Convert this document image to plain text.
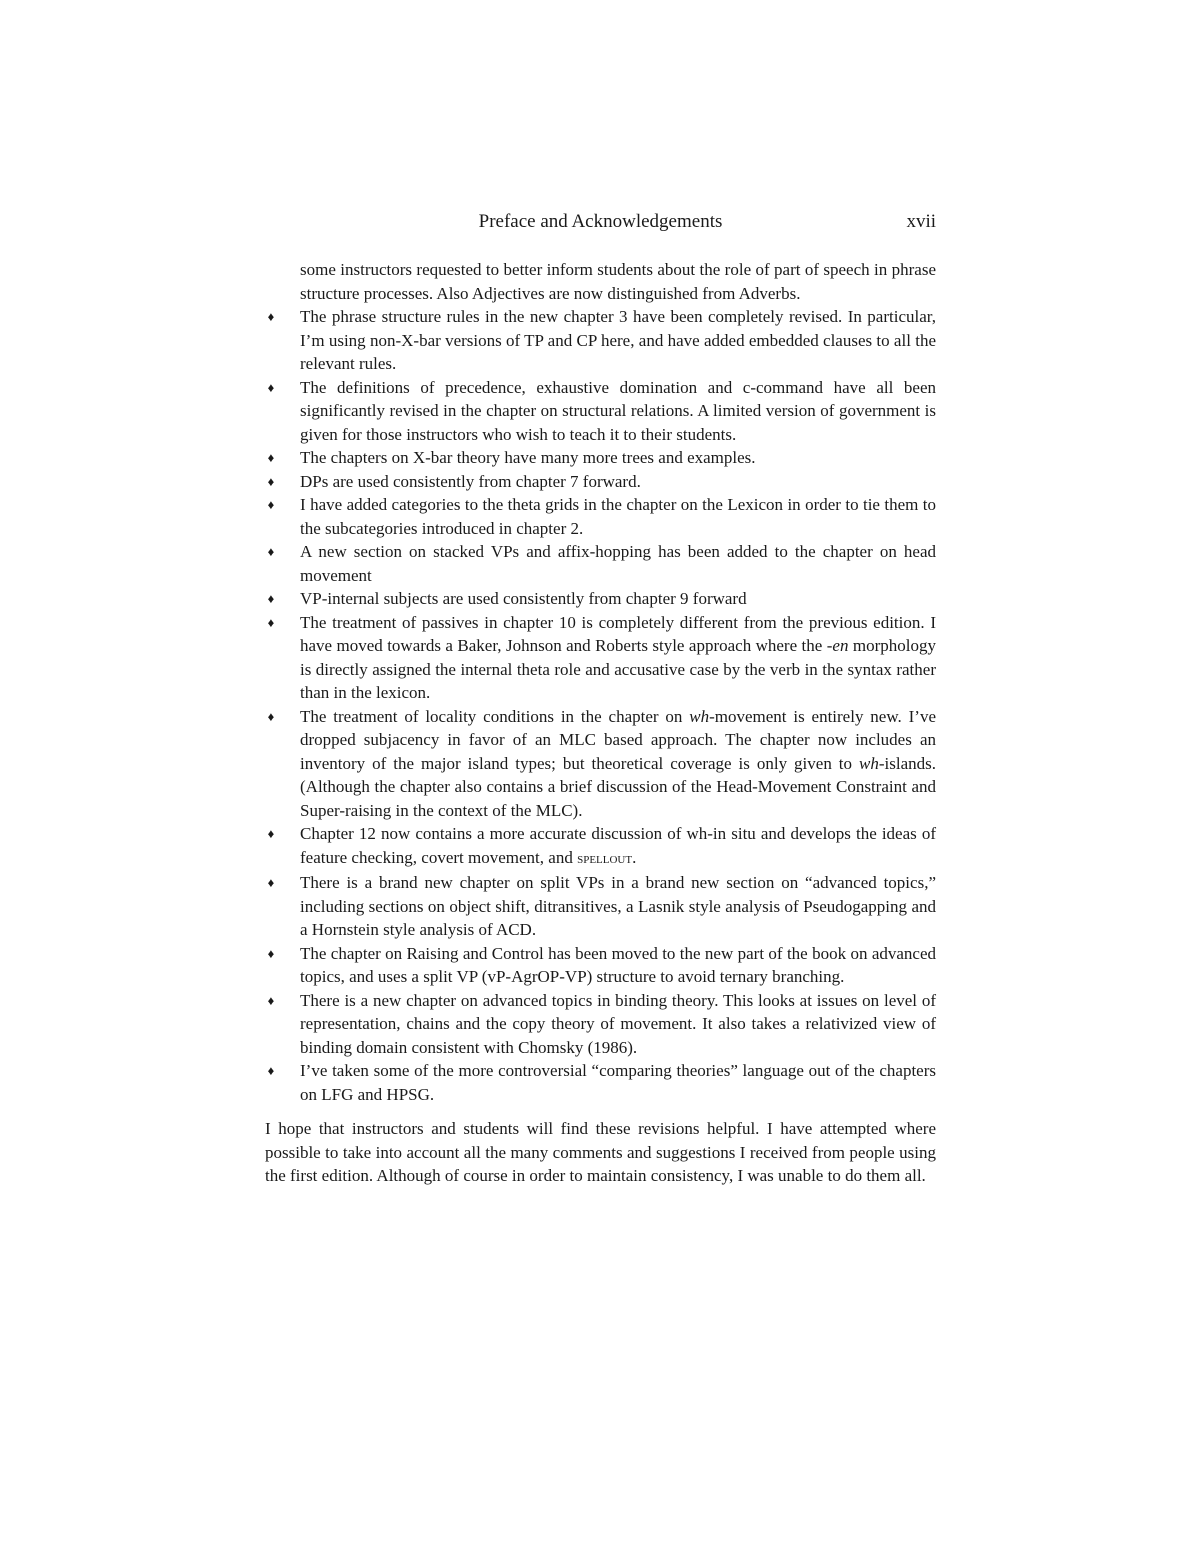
Preface and Acknowledgements	xvii

some instructors requested to better inform students about the role of part of speech in phrase structure processes. Also Adjectives are now distinguished from Adverbs.

♦ The phrase structure rules in the new chapter 3 have been completely revised. In particular, I’m using non-X-bar versions of TP and CP here, and have added embedded clauses to all the relevant rules.
♦ The definitions of precedence, exhaustive domination and c-command have all been significantly revised in the chapter on structural relations. A limited version of government is given for those instructors who wish to teach it to their students.
♦ The chapters on X-bar theory have many more trees and examples.
♦ DPs are used consistently from chapter 7 forward.
♦ I have added categories to the theta grids in the chapter on the Lexicon in order to tie them to the subcategories introduced in chapter 2.
♦ A new section on stacked VPs and affix-hopping has been added to the chapter on head movement
♦ VP-internal subjects are used consistently from chapter 9 forward
♦ The treatment of passives in chapter 10 is completely different from the previous edition. I have moved towards a Baker, Johnson and Roberts style approach where the -en morphology is directly assigned the internal theta role and accusative case by the verb in the syntax rather than in the lexicon.
♦ The treatment of locality conditions in the chapter on wh-movement is entirely new. I’ve dropped subjacency in favor of an MLC based approach. The chapter now includes an inventory of the major island types; but theoretical coverage is only given to wh-islands. (Although the chapter also contains a brief discussion of the Head-Movement Constraint and Super-raising in the context of the MLC).
♦ Chapter 12 now contains a more accurate discussion of wh-in situ and develops the ideas of feature checking, covert movement, and spellout.
♦ There is a brand new chapter on split VPs in a brand new section on “advanced topics,” including sections on object shift, ditransitives, a Lasnik style analysis of Pseudogapping and a Hornstein style analysis of ACD.
♦ The chapter on Raising and Control has been moved to the new part of the book on advanced topics, and uses a split VP (vP-AgrOP-VP) structure to avoid ternary branching.
♦ There is a new chapter on advanced topics in binding theory. This looks at issues on level of representation, chains and the copy theory of movement. It also takes a relativized view of binding domain consistent with Chomsky (1986).
♦ I’ve taken some of the more controversial “comparing theories” language out of the chapters on LFG and HPSG.

I hope that instructors and students will find these revisions helpful. I have attempted where possible to take into account all the many comments and suggestions I received from people using the first edition. Although of course in order to maintain consistency, I was unable to do them all.
